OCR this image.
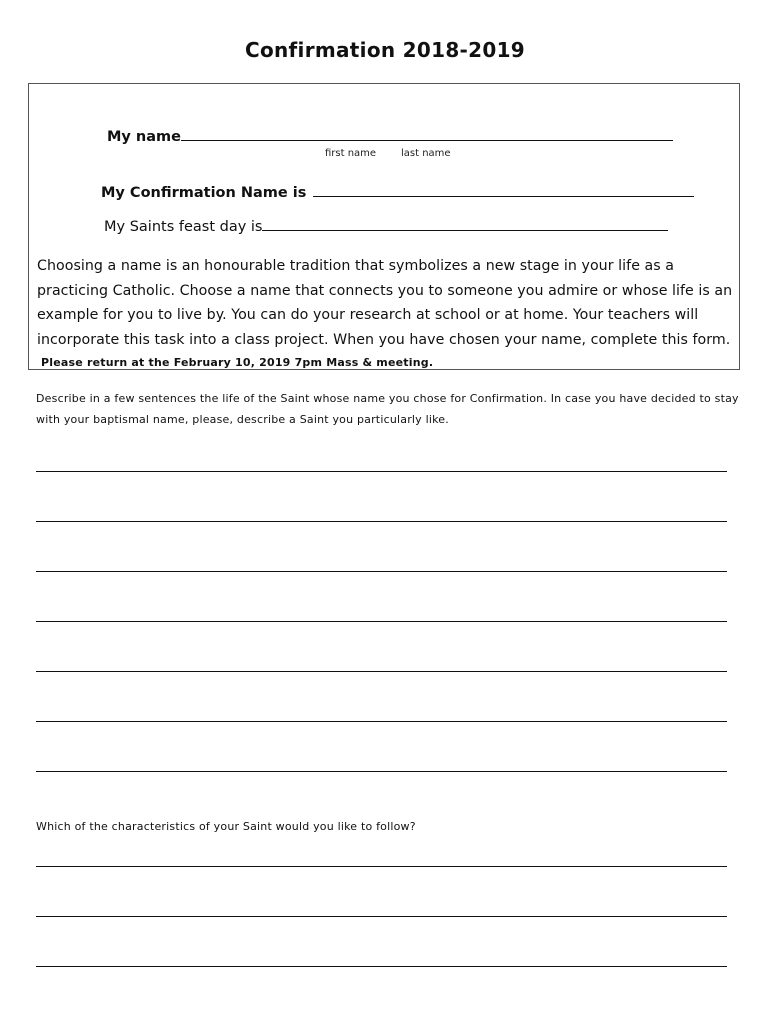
Confirmation 2018-2019
My name
first name last name
My Confirmation Name is
My Saints feast day is
Choosing a name is an honourable tradition that symbolizes a new stage in your life as a practicing Catholic. Choose a name that connects you to someone you admire or whose life is an example for you to live by. You can do your research at school or at home. Your teachers will incorporate this task into a class project. When you have chosen your name, complete this form.
Please return at the February 10, 2019 7pm Mass & meeting.
Describe in a few sentences the life of the Saint whose name you chose for Confirmation. In case you have decided to stay with your baptismal name, please, describe a Saint you particularly like.
Which of the characteristics of your Saint would you like to follow?
